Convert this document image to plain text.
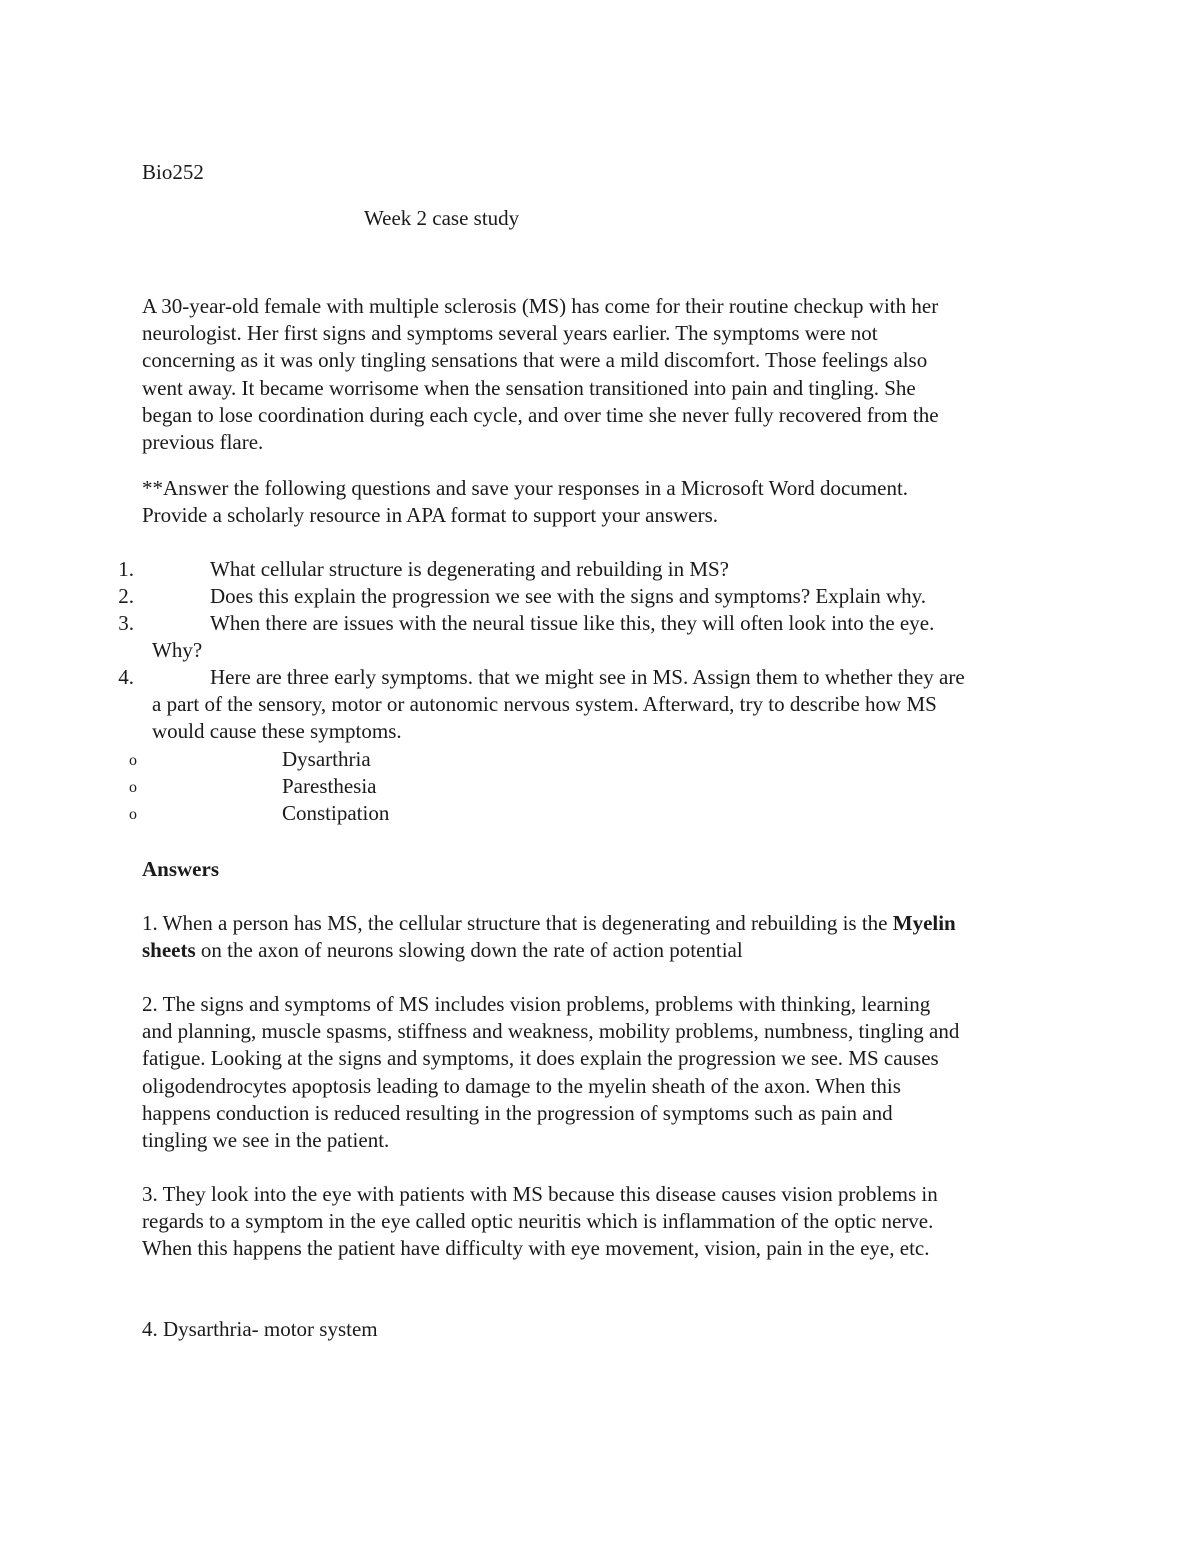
Bio252
Week 2 case study

A 30-year-old female with multiple sclerosis (MS) has come for their routine checkup with her

neurologist. Her first signs and symptoms several years earlier. The symptoms were not

concerning as it was only tingling sensations that were a mild discomfort. Those feelings also

went away. It became worrisome when the sensation transitioned into pain and tingling. She

began to lose coordination during each cycle, and over time she never fully recovered from the

previous flare.

**Answer the following questions and save your responses in a Microsoft Word document.

Provide a scholarly resource in APA format to support your answers.

1.	What cellular structure is degenerating and rebuilding in MS?
2.	Does this explain the progression we see with the signs and symptoms? Explain why.
3.	When there are issues with the neural tissue like this, they will often look into the eye.
Why?
4.	Here are three early symptoms. that we might see in MS. Assign them to whether they are
a part of the sensory, motor or autonomic nervous system. Afterward, try to describe how MS
would cause these symptoms.
o	Dysarthria
o	Paresthesia
o	Constipation
Answers

1. When a person has MS, the cellular structure that is degenerating and rebuilding is the Myelin

sheets on the axon of neurons slowing down the rate of action potential

2. The signs and symptoms of MS includes vision problems, problems with thinking, learning

and planning, muscle spasms, stiffness and weakness, mobility problems, numbness, tingling and

fatigue. Looking at the signs and symptoms, it does explain the progression we see. MS causes

oligodendrocytes apoptosis leading to damage to the myelin sheath of the axon. When this

happens conduction is reduced resulting in the progression of symptoms such as pain and

tingling we see in the patient.

3. They look into the eye with patients with MS because this disease causes vision problems in

regards to a symptom in the eye called optic neuritis which is inflammation of the optic nerve.

When this happens the patient have difficulty with eye movement, vision, pain in the eye, etc.

4. Dysarthria- motor system
